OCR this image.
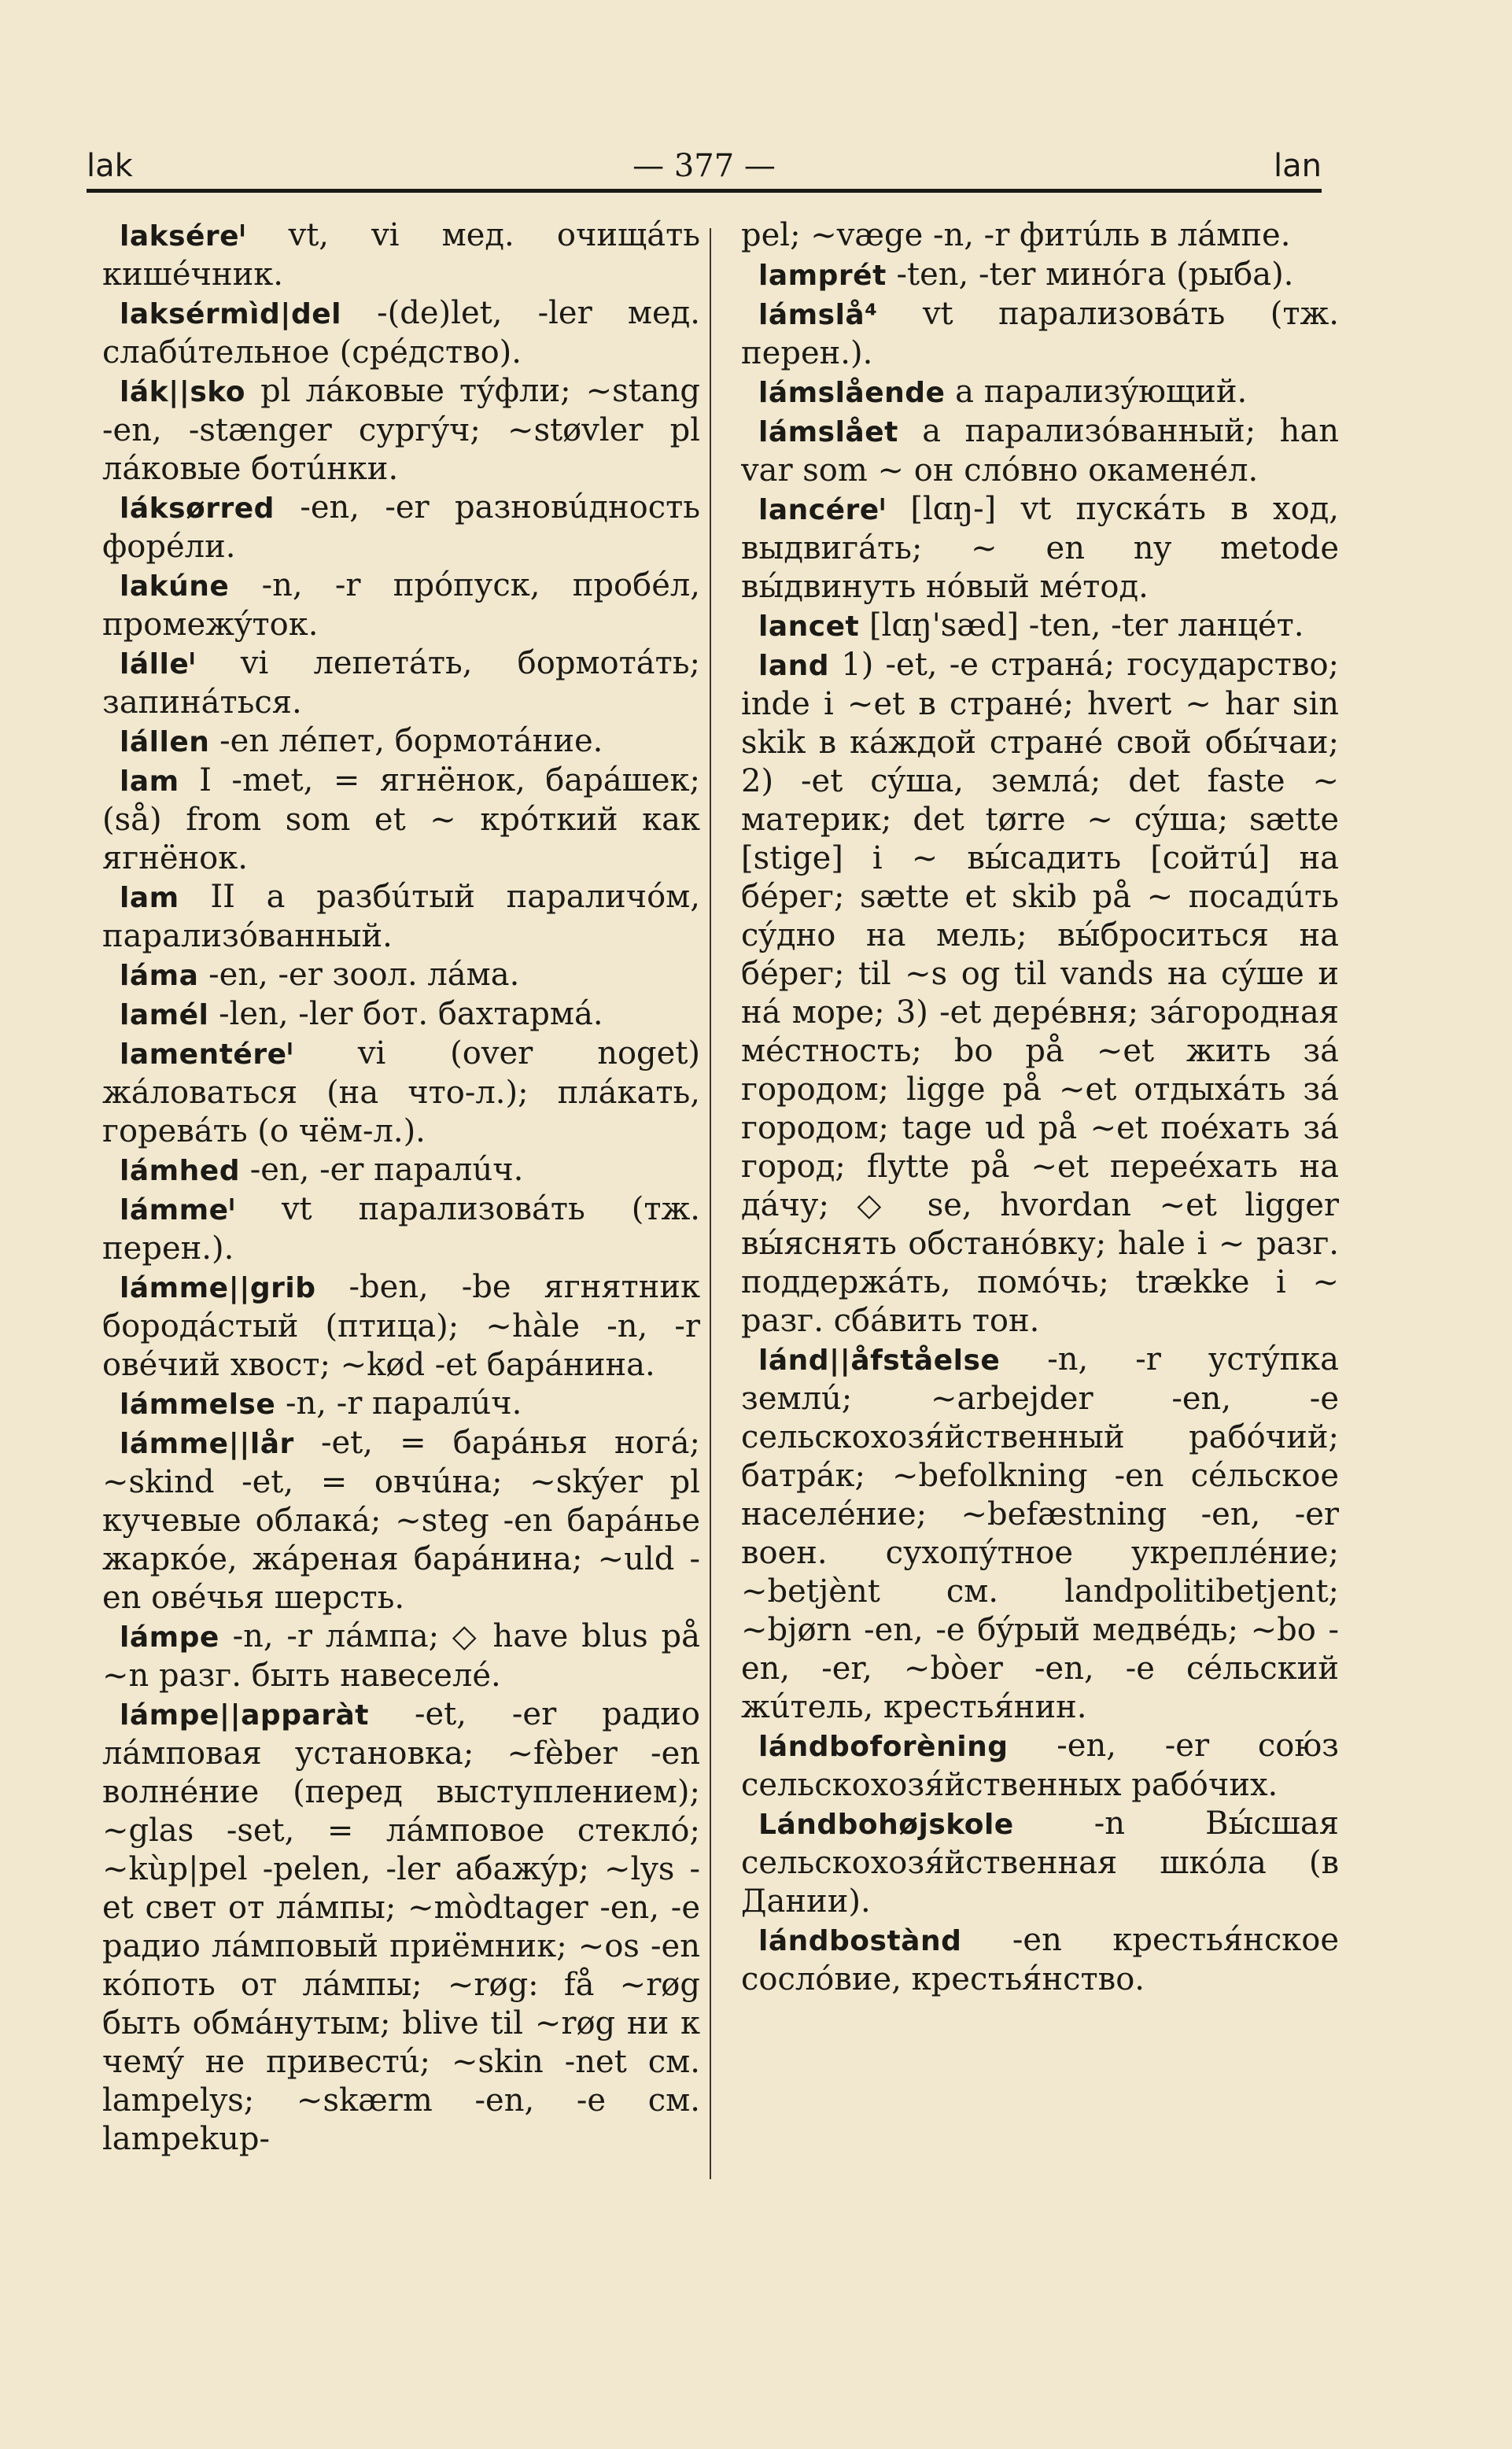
lak	— 377 —	lan

lakséreˡ vt, vi мед. очищáть кишéчник.

laksérmìd|del -(de)let, -ler мед. слабúтельное (срéдство).

lák||sko pl лáковые тýфли; ~stang -en, -stænger сургýч; ~støvler pl лáковые ботúнки.

láksørred -en, -er разновúдность форéли.

lakúne -n, -r прóпуск, пробéл, промежýток.

lálleˡ vi лепетáть, бормотáть; запинáться.

lállen -en лéпет, бормотáние.

lam I -met, = ягнёнок, барáшек; (så) from som et ~ крóткий как ягнёнок.

lam II a разбúтый параличóм, парализóванный.

láma -en, -er зоол. лáма.

lamél -len, -ler бот. бахтармá.

lamentéreˡ vi (over noget) жáловаться (на что-л.); плáкать, горевáть (о чём-л.).

lámhed -en, -er паралúч.

lámmeˡ vt парализовáть (тж. перен.).

lámme||grib -ben, -be ягнятник бородáстый (птица); ~hàle -n, -r овéчий хвост; ~kød -et барáнина.

lámmelse -n, -r паралúч.

lámme||lår -et, = барáнья ногá; ~skind -et, = овчúна; ~skýer pl кучевые облакá; ~steg -en барáнье жаркóе, жáреная барáнина; ~uld -en овéчья шерсть.

lámpe -n, -r лáмпа; ◇ have blus på ~n разг. быть навеселé.

lámpe||apparàt -et, -er радио лáмповая установка; ~fèber -en волнéние (перед выступлением); ~glas -set, = лáмповое стеклó; ~kùp|pel -pelen, -ler абажýр; ~lys -et свет от лáмпы; ~mòdtager -en, -e радио лáмповый приёмник; ~os -en кóпоть от лáмпы; ~røg: få ~røg быть обмáнутым; blive til ~røg ни к чемý не привестú; ~skin -net см. lampelys; ~skærm -en, -e см. lampekup-

pel; ~væge -n, -r фитúль в лáмпе.

lamprét -ten, -ter минóга (рыба).

lámslå⁴ vt парализовáть (тж. перен.).

lámslående a парализýющий.

lámslået a парализóванный; han var som ~ он слóвно окаменéл.

lancéreˡ [lɑŋ-] vt пускáть в ход, выдвигáть; ~ en ny metode вы́двинуть нóвый мéтод.

lancet [lɑŋ'sæd] -ten, -ter ланцéт.

land 1) -et, -e странá; государство; inde i ~et в странé; hvert ~ har sin skik в кáждой странé свой обы́чаи; 2) -et сýша, землá; det faste ~ материк; det tørre ~ сýша; sætte [stige] i ~ вы́садить [сойтú] на бéрег; sætte et skib på ~ посадúть сýдно на мель; вы́броситься на бéрег; til ~s og til vands на сýше и нá море; 3) -et дерéвня; зáгородная мéстность; bo på ~et жить зá городом; ligge på ~et отдыхáть зá городом; tage ud på ~et поéхать зá город; flytte på ~et переéхать на дáчу; ◇ se, hvordan ~et ligger вы́яснять обстанóвку; hale i ~ разг. поддержáть, помóчь; trække i ~ разг. сбáвить тон.

lánd||åfståelse -n, -r устýпка землú; ~arbejder -en, -e сельскохозя́йственный рабóчий; батрáк; ~befolkning -en сéльское населéние; ~befæstning -en, -er воен. сухопýтное укреплéние; ~betjènt см. landpolitibetjent; ~bjørn -en, -e бýрый медвéдь; ~bo -en, -er, ~bòer -en, -e сéльский жúтель, крестья́нин.

lándboforèning -en, -er сою́з сельскохозя́йственных рабóчих.

Lándbohøjskole	-n Вы́сшая сельскохозя́йственная шкóла (в Дании).

lándbostànd -en крестья́нское сослóвие, крестья́нство.
